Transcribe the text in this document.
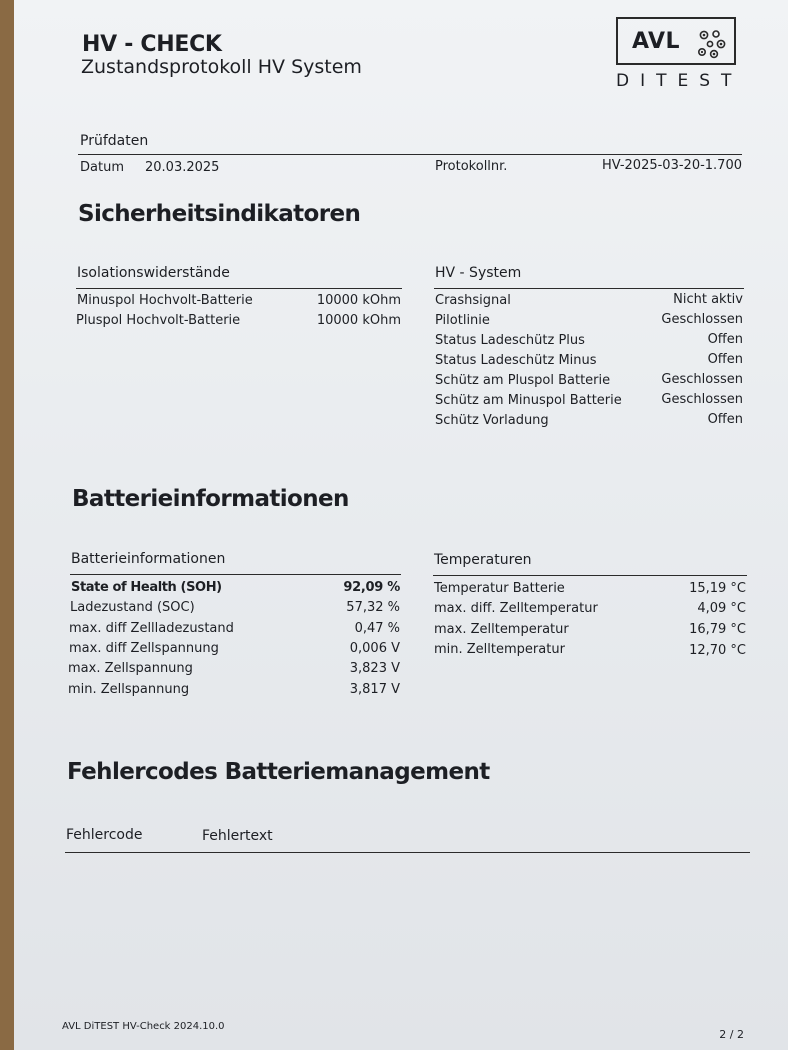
HV - CHECK
Zustandsprotokoll HV System
AVL
DITEST
Prüfdaten
Datum 20.03.2025	Protokollnr.	HV-2025-03-20-1.700
Sicherheitsindikatoren
Isolationswiderstände
Minuspol Hochvolt-Batterie	10000 kOhm
Pluspol Hochvolt-Batterie	10000 kOhm
HV - System
Crashsignal	Nicht aktiv
Pilotlinie	Geschlossen
Status Ladeschütz Plus	Offen
Status Ladeschütz Minus	Offen
Schütz am Pluspol Batterie	Geschlossen
Schütz am Minuspol Batterie	Geschlossen
Schütz Vorladung	Offen
Batterieinformationen
Batterieinformationen
State of Health (SOH)	92,09 %
Ladezustand (SOC)	57,32 %
max. diff Zellladezustand	0,47 %
max. diff Zellspannung	0,006 V
max. Zellspannung	3,823 V
min. Zellspannung	3,817 V
Temperaturen
Temperatur Batterie	15,19 °C
max. diff. Zelltemperatur	4,09 °C
max. Zelltemperatur	16,79 °C
min. Zelltemperatur	12,70 °C
Fehlercodes Batteriemanagement
Fehlercode	Fehlertext
AVL DiTEST HV-Check 2024.10.0
2 / 2
